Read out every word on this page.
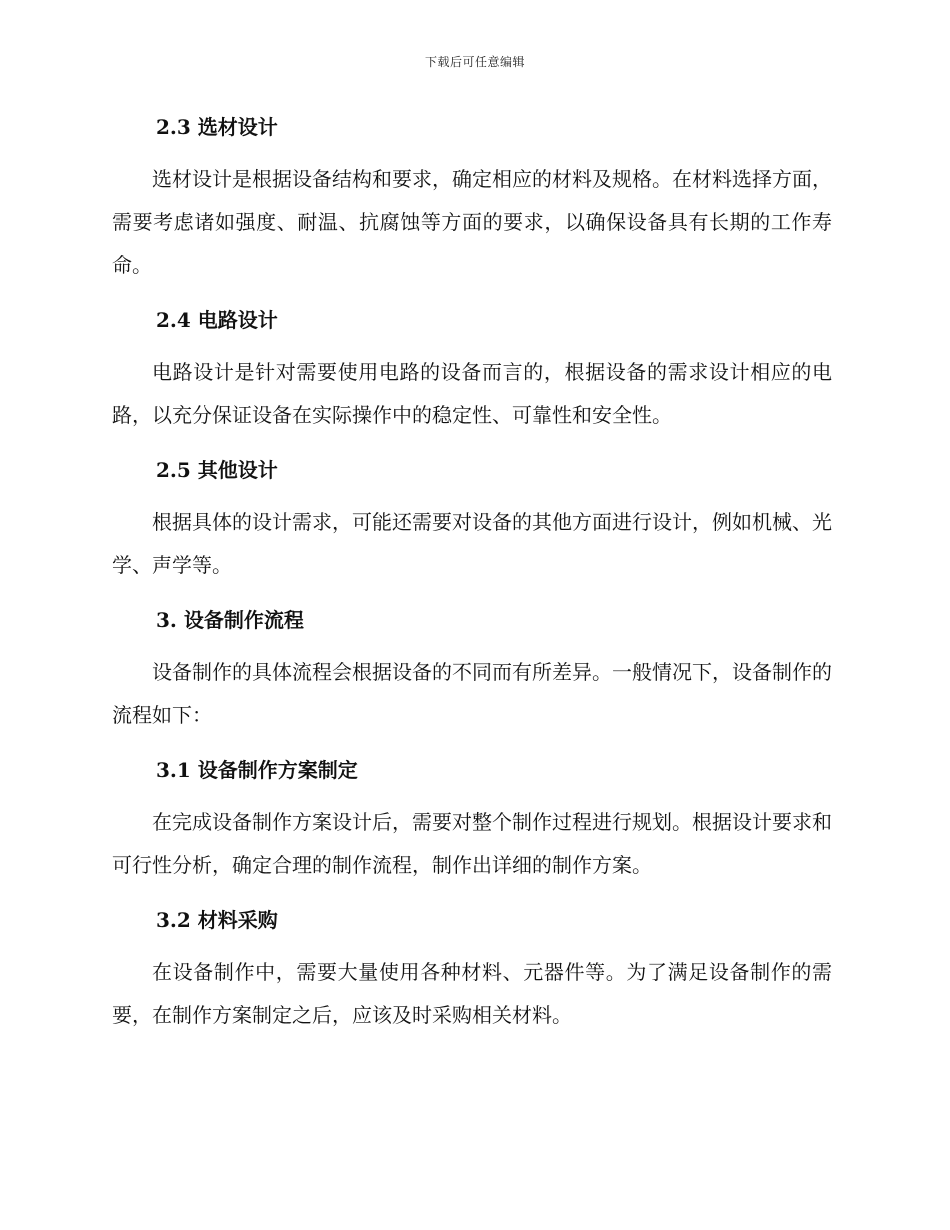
下载后可任意编辑
2.3 选材设计

选材设计是根据设备结构和要求，确定相应的材料及规格。在材料选择方面，需要考虑诸如强度、耐温、抗腐蚀等方面的要求，以确保设备具有长期的工作寿命。

2.4 电路设计

电路设计是针对需要使用电路的设备而言的，根据设备的需求设计相应的电路，以充分保证设备在实际操作中的稳定性、可靠性和安全性。

2.5 其他设计

根据具体的设计需求，可能还需要对设备的其他方面进行设计，例如机械、光学、声学等。

3. 设备制作流程

设备制作的具体流程会根据设备的不同而有所差异。一般情况下，设备制作的流程如下：

3.1 设备制作方案制定

在完成设备制作方案设计后，需要对整个制作过程进行规划。根据设计要求和可行性分析，确定合理的制作流程，制作出详细的制作方案。

3.2 材料采购

在设备制作中，需要大量使用各种材料、元器件等。为了满足设备制作的需要，在制作方案制定之后，应该及时采购相关材料。
